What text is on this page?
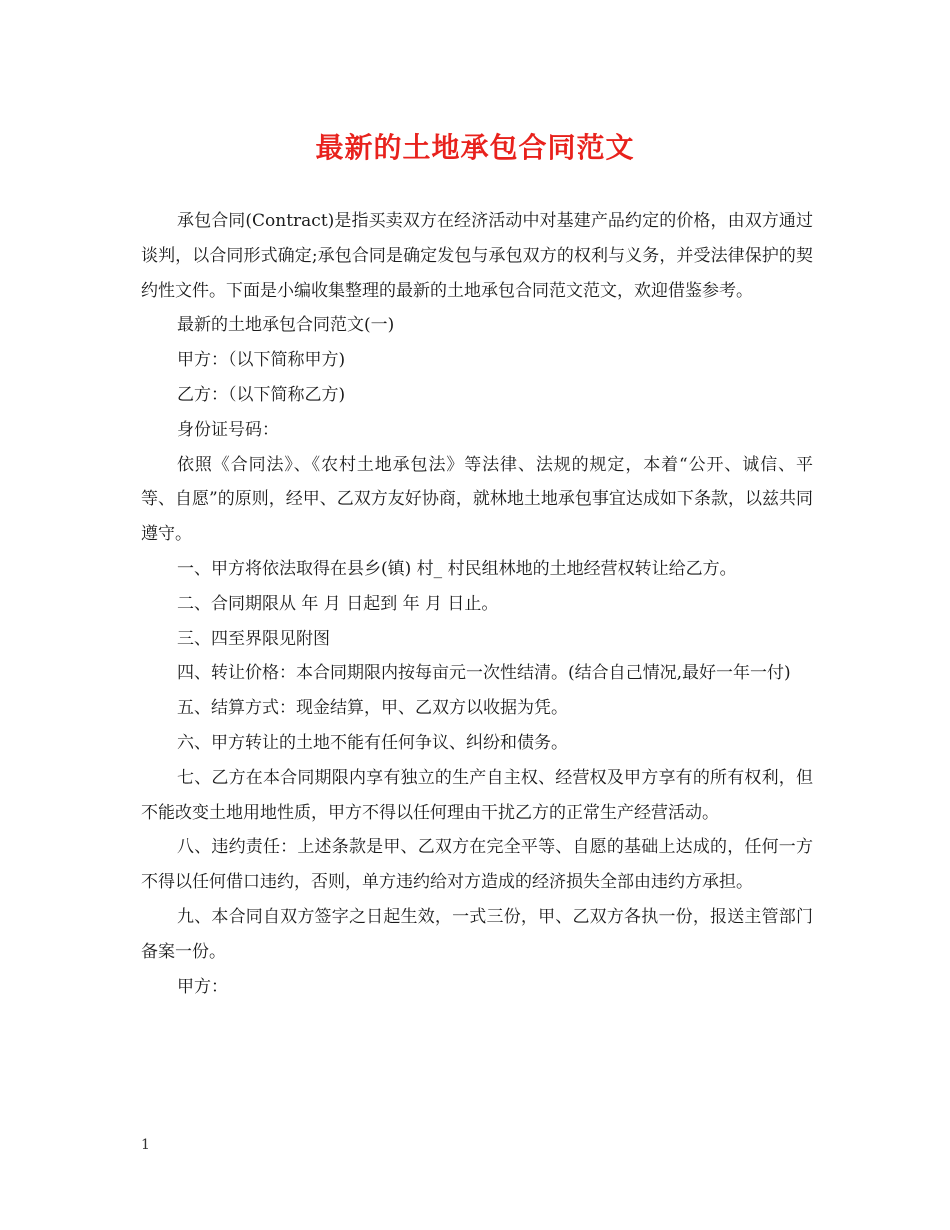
最新的土地承包合同范文

承包合同(Contract)是指买卖双方在经济活动中对基建产品约定的价格，由双方通过谈判，以合同形式确定;承包合同是确定发包与承包双方的权利与义务，并受法律保护的契约性文件。下面是小编收集整理的最新的土地承包合同范文范文，欢迎借鉴参考。

最新的土地承包合同范文(一)

甲方：（以下简称甲方)

乙方：（以下简称乙方)

身份证号码：

依照《合同法》、《农村土地承包法》等法律、法规的规定，本着“公开、诚信、平等、自愿”的原则，经甲、乙双方友好协商，就林地土地承包事宜达成如下条款，以兹共同遵守。

一、甲方将依法取得在县乡(镇) 村_ 村民组林地的土地经营权转让给乙方。

二、合同期限从 年 月 日起到 年 月 日止。

三、四至界限见附图

四、转让价格：本合同期限内按每亩元一次性结清。(结合自己情况,最好一年一付)

五、结算方式：现金结算，甲、乙双方以收据为凭。

六、甲方转让的土地不能有任何争议、纠纷和债务。

七、乙方在本合同期限内享有独立的生产自主权、经营权及甲方享有的所有权利，但不能改变土地用地性质，甲方不得以任何理由干扰乙方的正常生产经营活动。

八、违约责任：上述条款是甲、乙双方在完全平等、自愿的基础上达成的，任何一方不得以任何借口违约，否则，单方违约给对方造成的经济损失全部由违约方承担。

九、本合同自双方签字之日起生效，一式三份，甲、乙双方各执一份，报送主管部门备案一份。

甲方：

1
